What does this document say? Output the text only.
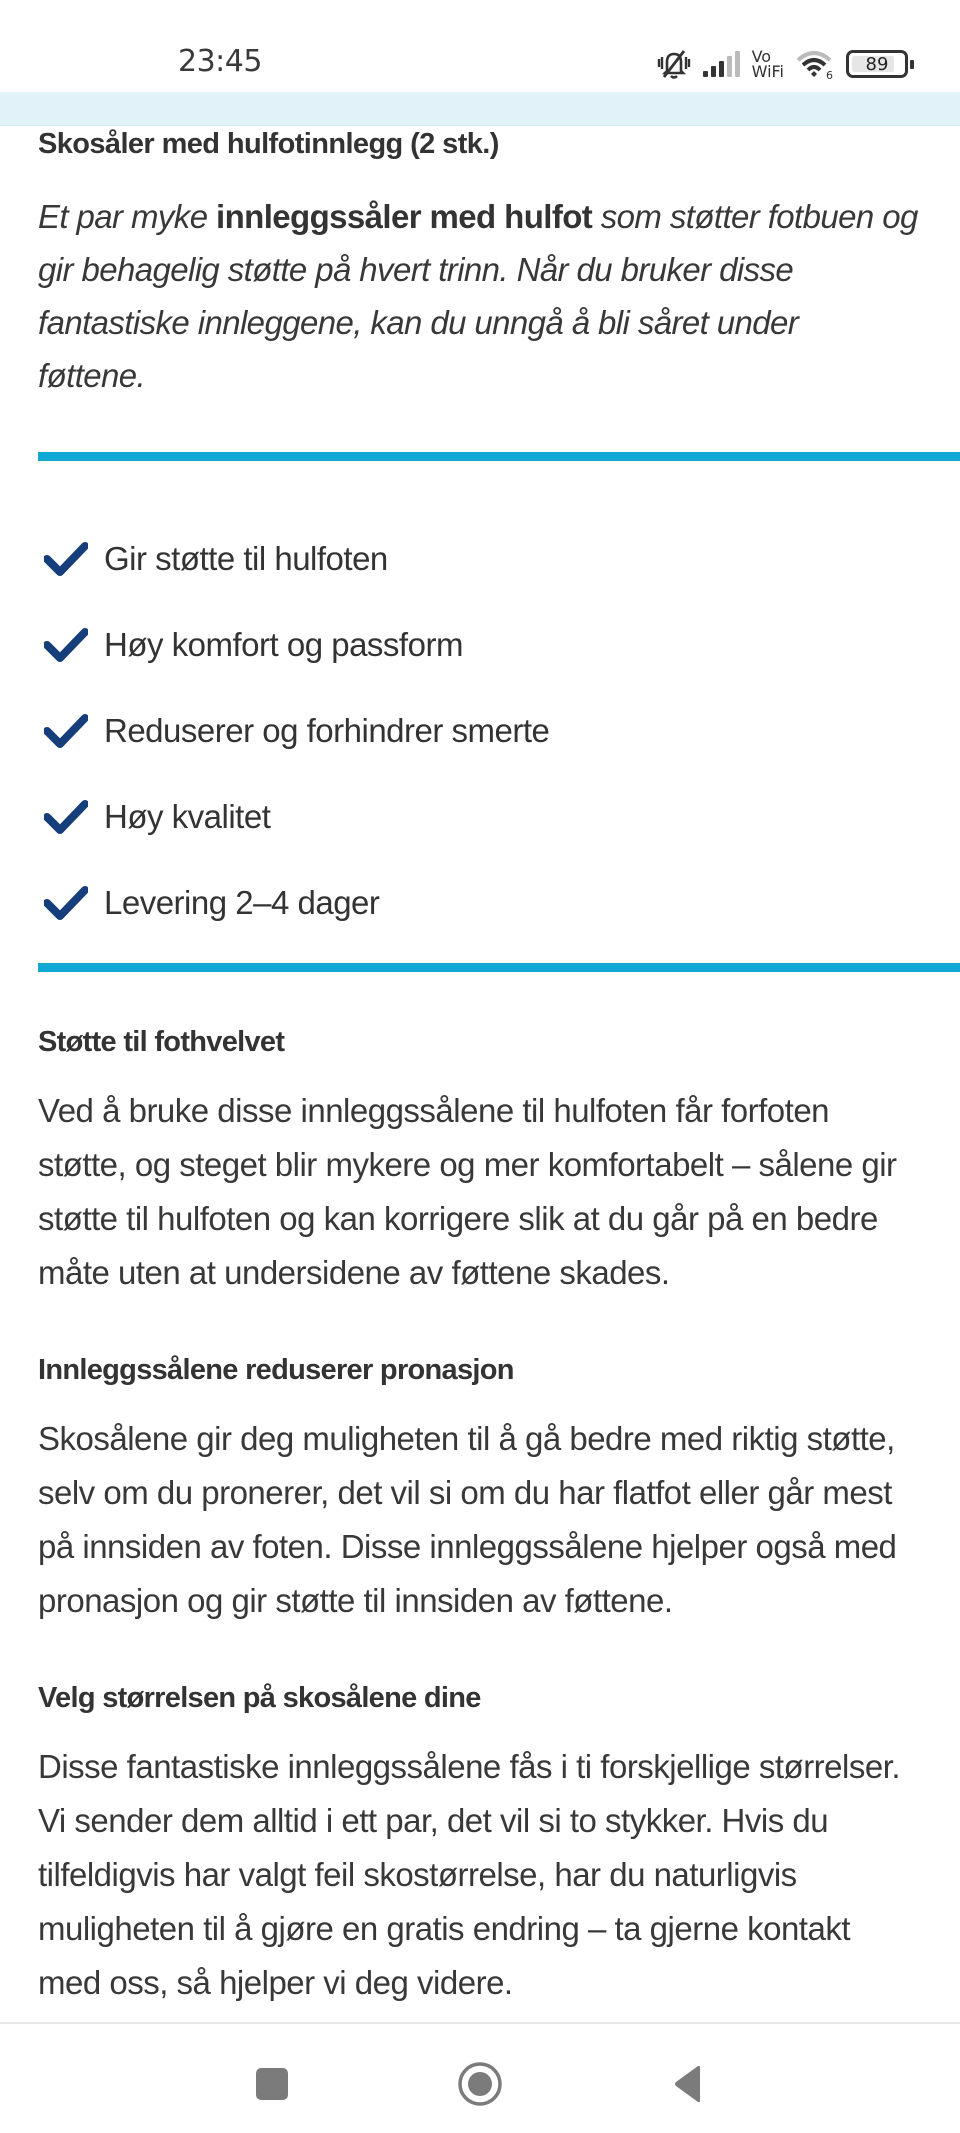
23:45	Vo
WiFi	6
89
Skosåler med hulfotinnlegg (2 stk.)
Et par myke innleggssåler med hulfot som støtter fotbuen og
gir behagelig støtte på hvert trinn. Når du bruker disse
fantastiske innleggene, kan du unngå å bli såret under
føttene.
Gir støtte til hulfoten
Høy komfort og passform
Reduserer og forhindrer smerte
Høy kvalitet
Levering 2–4 dager
Støtte til fothvelvet
Ved å bruke disse innleggssålene til hulfoten får forfoten
støtte, og steget blir mykere og mer komfortabelt – sålene gir
støtte til hulfoten og kan korrigere slik at du går på en bedre
måte uten at undersidene av føttene skades.
Innleggssålene reduserer pronasjon
Skosålene gir deg muligheten til å gå bedre med riktig støtte,
selv om du pronerer, det vil si om du har flatfot eller går mest
på innsiden av foten. Disse innleggssålene hjelper også med
pronasjon og gir støtte til innsiden av føttene.
Velg størrelsen på skosålene dine
Disse fantastiske innleggssålene fås i ti forskjellige størrelser.
Vi sender dem alltid i ett par, det vil si to stykker. Hvis du
tilfeldigvis har valgt feil skostørrelse, har du naturligvis
muligheten til å gjøre en gratis endring – ta gjerne kontakt
med oss, så hjelper vi deg videre.
